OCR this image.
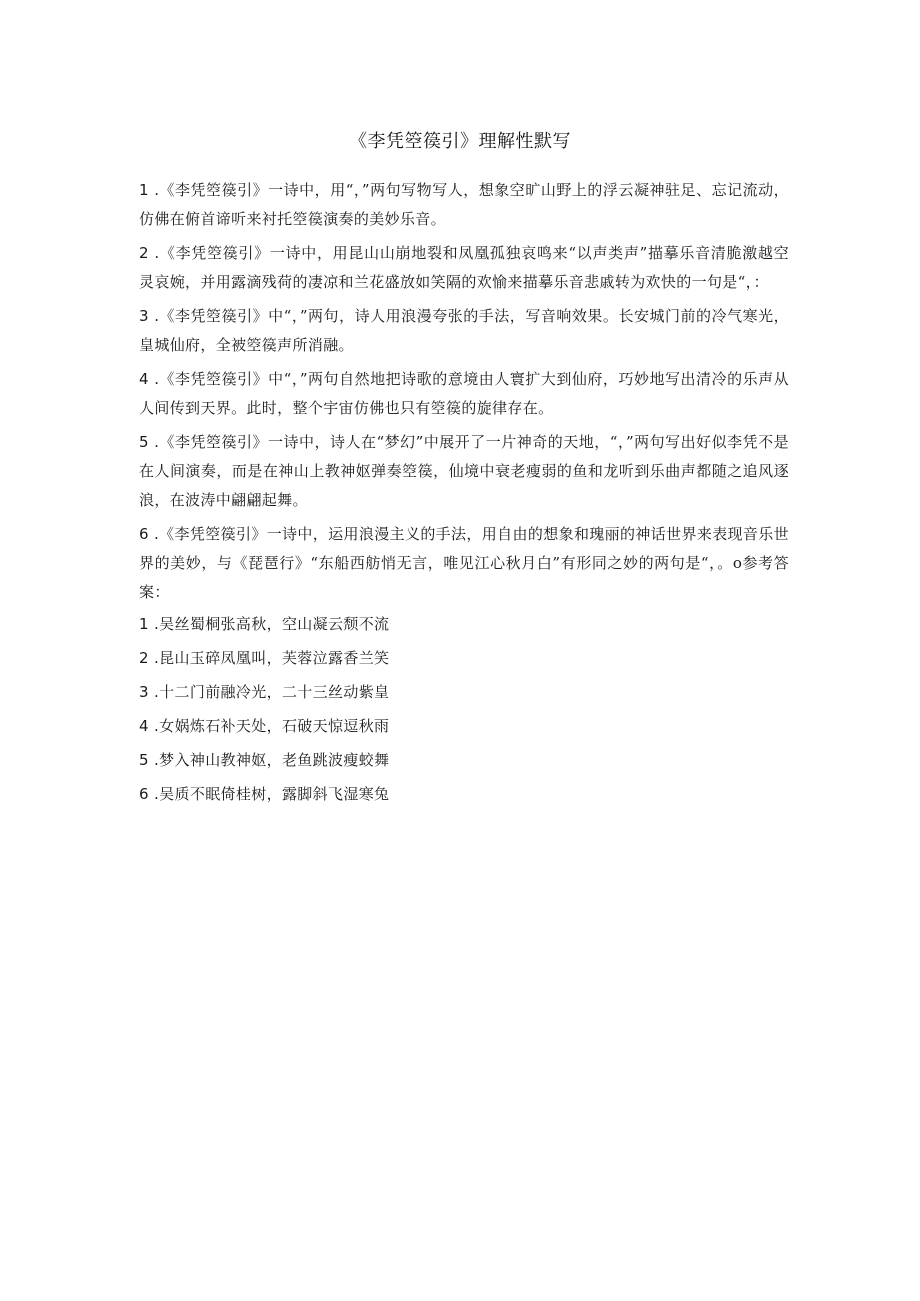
《李凭箜篌引》理解性默写

1 .《李凭箜篌引》一诗中，用“，”两句写物写人，想象空旷山野上的浮云凝神驻足、忘记流动，仿佛在俯首谛听来衬托箜篌演奏的美妙乐音。

2 .《李凭箜篌引》一诗中，用昆山山崩地裂和凤凰孤独哀鸣来“以声类声”描摹乐音清脆激越空灵哀婉，并用露滴残荷的凄凉和兰花盛放如笑隔的欢愉来描摹乐音悲戚转为欢快的一句是“，：

3 .《李凭箜篌引》中“，”两句，诗人用浪漫夸张的手法，写音响效果。长安城门前的冷气寒光，皇城仙府，全被箜篌声所消融。

4 .《李凭箜篌引》中“，”两句自然地把诗歌的意境由人寰扩大到仙府，巧妙地写出清冷的乐声从人间传到天界。此时，整个宇宙仿佛也只有箜篌的旋律存在。

5 .《李凭箜篌引》一诗中，诗人在“梦幻”中展开了一片神奇的天地，“，”两句写出好似李凭不是在人间演奏，而是在神山上教神妪弹奏箜篌，仙境中衰老瘦弱的鱼和龙听到乐曲声都随之追风逐浪，在波涛中翩翩起舞。

6 .《李凭箜篌引》一诗中，运用浪漫主义的手法，用自由的想象和瑰丽的神话世界来表现音乐世界的美妙，与《琵琶行》“东船西舫悄无言，唯见江心秋月白”有形同之妙的两句是“，。o参考答案：

1 .吴丝蜀桐张高秋，空山凝云颓不流
2 .昆山玉碎凤凰叫，芙蓉泣露香兰笑
3 .十二门前融冷光，二十三丝动紫皇
4 .女娲炼石补天处，石破天惊逗秋雨
5 .梦入神山教神妪，老鱼跳波瘦蛟舞
6 .吴质不眠倚桂树，露脚斜飞湿寒兔
